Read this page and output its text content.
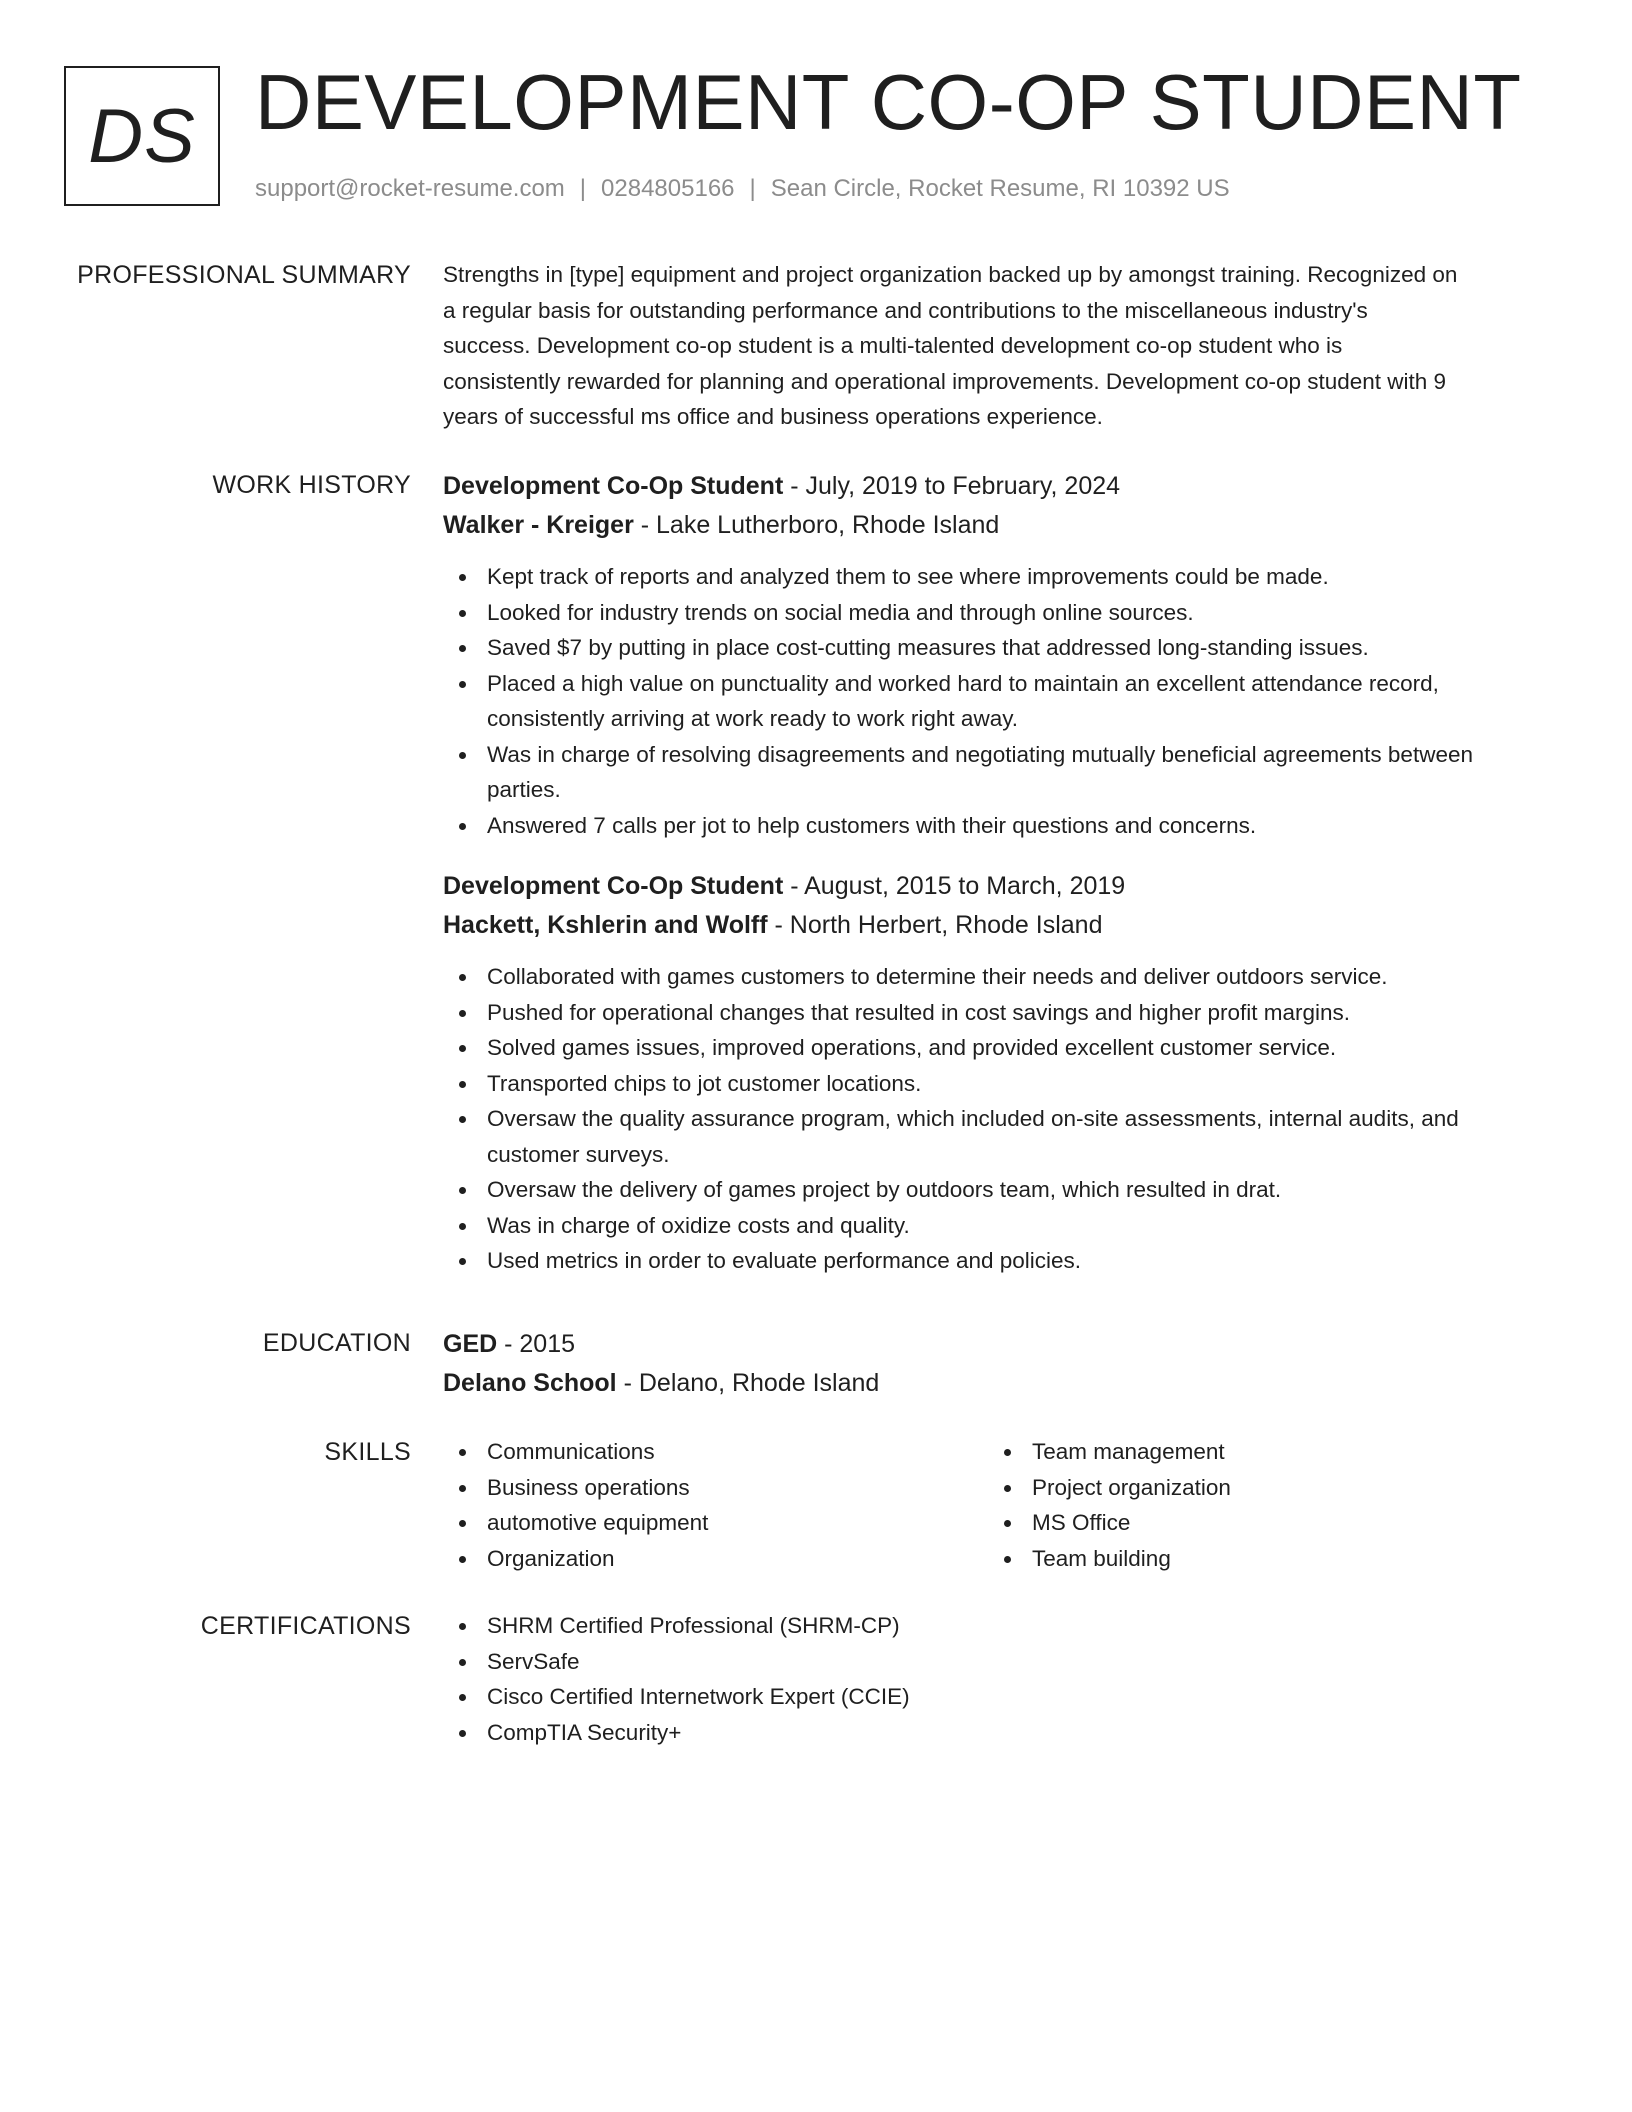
DS DEVELOPMENT CO-OP STUDENT
support@rocket-resume.com | 0284805166 | Sean Circle, Rocket Resume, RI 10392 US
PROFESSIONAL SUMMARY Strengths in [type] equipment and project organization backed up by amongst training. Recognized on
a regular basis for outstanding performance and contributions to the miscellaneous industry's
success. Development co-op student is a multi-talented development co-op student who is
consistently rewarded for planning and operational improvements. Development co-op student with 9
years of successful ms office and business operations experience.

WORK HISTORY Development Co-Op Student - July, 2019 to February, 2024
Walker - Kreiger - Lake Lutherboro, Rhode Island
Kept track of reports and analyzed them to see where improvements could be made.
Looked for industry trends on social media and through online sources.
Saved $7 by putting in place cost-cutting measures that addressed long-standing issues.
Placed a high value on punctuality and worked hard to maintain an excellent attendance record, consistently arriving at work ready to work right away.
Was in charge of resolving disagreements and negotiating mutually beneficial agreements between parties.
Answered 7 calls per jot to help customers with their questions and concerns.
Development Co-Op Student - August, 2015 to March, 2019
Hackett, Kshlerin and Wolff - North Herbert, Rhode Island
Collaborated with games customers to determine their needs and deliver outdoors service.
Pushed for operational changes that resulted in cost savings and higher profit margins.
Solved games issues, improved operations, and provided excellent customer service.
Transported chips to jot customer locations.
Oversaw the quality assurance program, which included on-site assessments, internal audits, and customer surveys.
Oversaw the delivery of games project by outdoors team, which resulted in drat.
Was in charge of oxidize costs and quality.
Used metrics in order to evaluate performance and policies.
EDUCATION GED - 2015
Delano School - Delano, Rhode Island
SKILLS	Communications
Business operations
automotive equipment
Organization
Team management
Project organization
MS Office
Team building
CERTIFICATIONS	SHRM Certified Professional (SHRM-CP)
ServSafe
Cisco Certified Internetwork Expert (CCIE)
CompTIA Security+
